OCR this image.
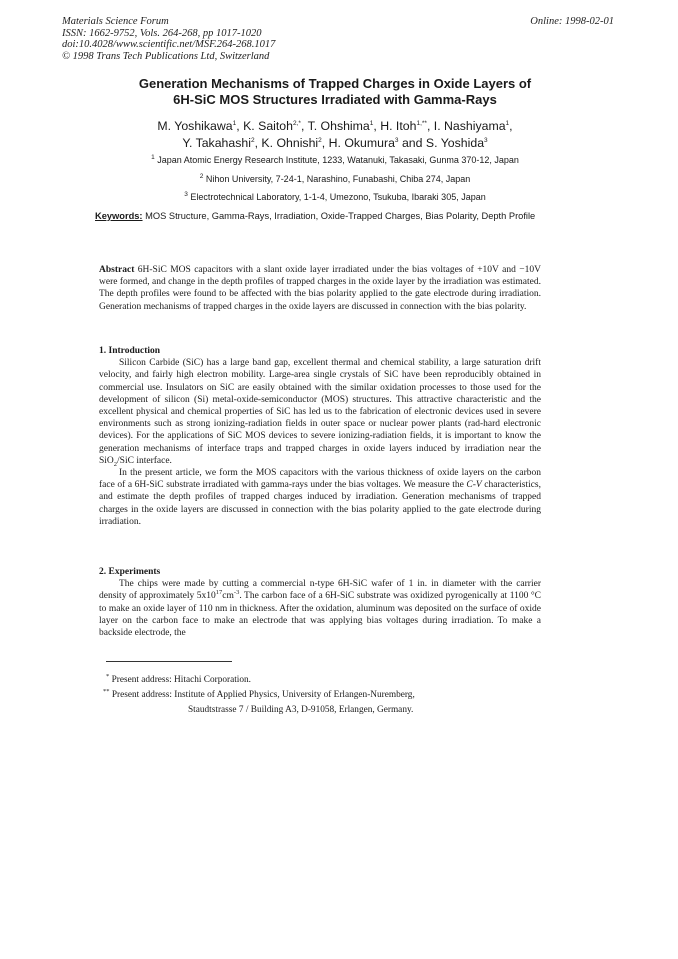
Materials Science Forum
ISSN: 1662-9752, Vols. 264-268, pp 1017-1020
doi:10.4028/www.scientific.net/MSF.264-268.1017
© 1998 Trans Tech Publications Ltd, Switzerland
Online: 1998-02-01
Generation Mechanisms of Trapped Charges in Oxide Layers of
6H-SiC MOS Structures Irradiated with Gamma-Rays
M. Yoshikawa$^1$, K. Saitoh$^{2,*}$, T. Ohshima$^1$, H. Itoh$^{1,**}$, I. Nashiyama$^1$,
Y. Takahashi$^2$, K. Ohnishi$^2$, H. Okumura$^3$ and S. Yoshida$^3$
$^1$ Japan Atomic Energy Research Institute, 1233, Watanuki, Takasaki, Gunma 370-12, Japan
$^2$ Nihon University, 7-24-1, Narashino, Funabashi, Chiba 274, Japan
$^3$ Electrotechnical Laboratory, 1-1-4, Umezono, Tsukuba, Ibaraki 305, Japan
Keywords: MOS Structure, Gamma-Rays, Irradiation, Oxide-Trapped Charges, Bias Polarity, Depth Profile

Abstract 6H-SiC MOS capacitors with a slant oxide layer irradiated under the bias voltages of +10V and −10V were formed, and change in the depth profiles of trapped charges in the oxide layer by the irradiation was estimated. The depth profiles were found to be affected with the bias polarity applied to the gate electrode during irradiation. Generation mechanisms of trapped charges in the oxide layers are discussed in connection with the bias polarity.

1. Introduction

Silicon Carbide (SiC) has a large band gap, excellent thermal and chemical stability, a large saturation drift velocity, and fairly high electron mobility. Large-area single crystals of SiC have been reproducibly obtained in commercial use. Insulators on SiC are easily obtained with the similar oxidation processes to those used for the development of silicon (Si) metal-oxide-semiconductor (MOS) structures. This attractive characteristic and the excellent physical and chemical properties of SiC has led us to the fabrication of electronic devices used in severe environments such as strong ionizing-radiation fields in outer space or nuclear power plants (rad-hard electronic devices). For the applications of SiC MOS devices to severe ionizing-radiation fields, it is important to know the generation mechanisms of interface traps and trapped charges in oxide layers induced by irradiation near the SiO$_2$/SiC interface.

In the present article, we form the MOS capacitors with the various thickness of oxide layers on the carbon face of a 6H-SiC substrate irradiated with gamma-rays under the bias voltages. We measure the C-V characteristics, and estimate the depth profiles of trapped charges induced by irradiation. Generation mechanisms of trapped charges in the oxide layers are discussed in connection with the bias polarity applied to the gate electrode during irradiation.

2. Experiments

The chips were made by cutting a commercial n-type 6H-SiC wafer of 1 in. in diameter with the carrier density of approximately $5x10^{17}cm^{-3}$. The carbon face of a 6H-SiC substrate was oxidized pyrogenically at 1100 °C to make an oxide layer of 110 nm in thickness. After the oxidation, aluminum was deposited on the surface of oxide layer on the carbon face to make an electrode that was applying bias voltages during irradiation. To make a backside electrode, the

* Present address: Hitachi Corporation.
** Present address: Institute of Applied Physics, University of Erlangen-Nuremberg,
Staudtstrasse 7 / Building A3, D-91058, Erlangen, Germany.
